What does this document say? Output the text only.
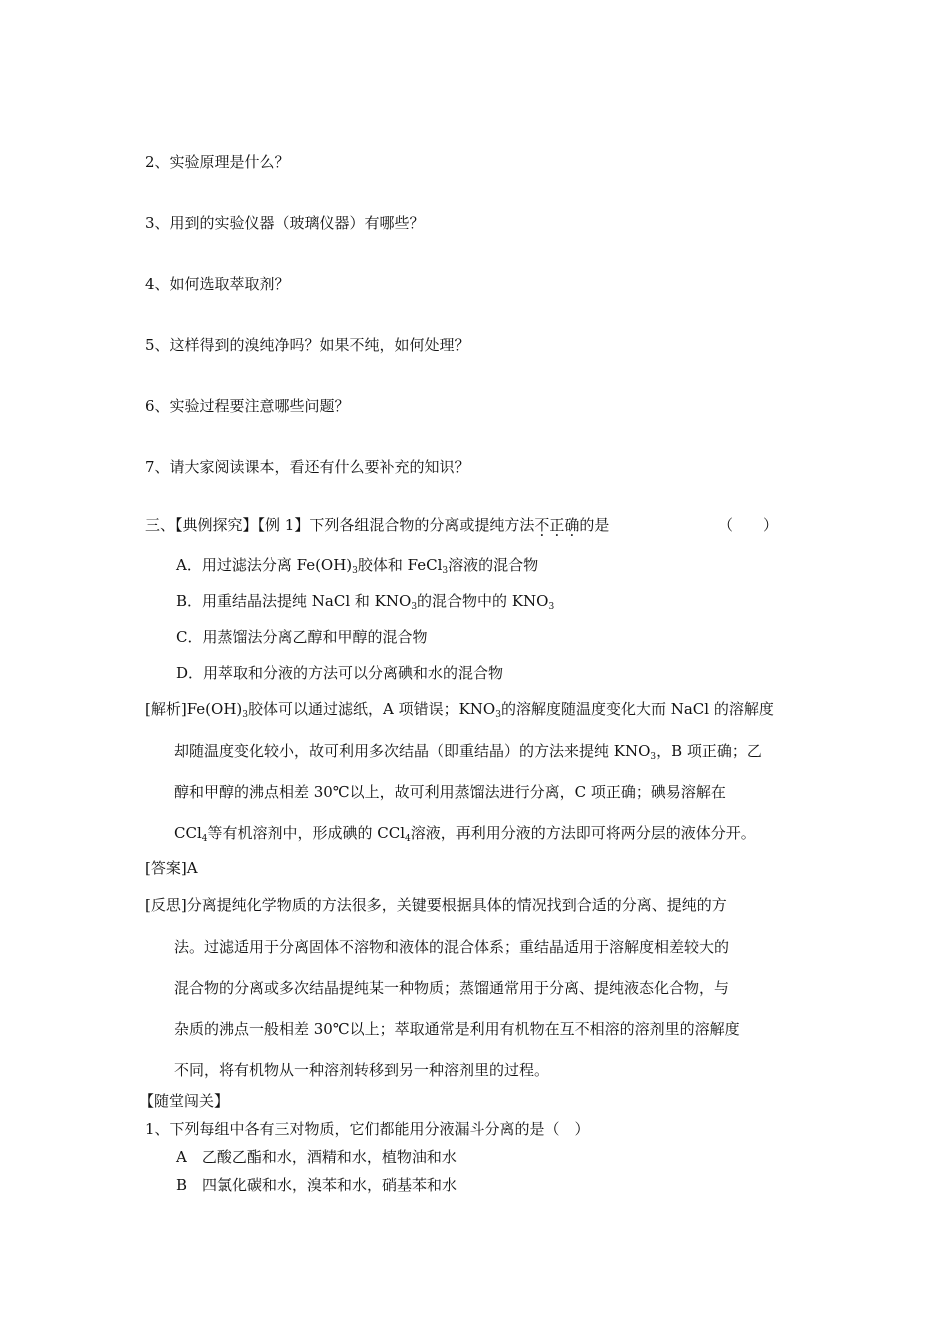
2、实验原理是什么？
3、用到的实验仪器（玻璃仪器）有哪些？
4、如何选取萃取剂？
5、这样得到的溴纯净吗？如果不纯，如何处理？
6、实验过程要注意哪些问题？
7、请大家阅读课本，看还有什么要补充的知识？
三、【典例探究】【例 1】下列各组混合物的分离或提纯方法不正确的是	（　　）
A．用过滤法分离 $Fe(OH)_3$胶体和 FeCl$_3$溶液的混合物
B．用重结晶法提纯 NaCl 和 $KNO_3$的混合物中的 $KNO_3$
C．用蒸馏法分离乙醇和甲醇的混合物
D．用萃取和分液的方法可以分离碘和水的混合物
[解析]$Fe(OH)_3$胶体可以通过滤纸，A 项错误；$KNO_3$的溶解度随温度变化大而 NaCl 的溶解度
却随温度变化较小，故可利用多次结晶（即重结晶）的方法来提纯 $KNO_3$，B 项正确；乙
醇和甲醇的沸点相差 30℃以上，故可利用蒸馏法进行分离，C 项正确；碘易溶解在
CCl$_4$等有机溶剂中，形成碘的 CCl$_4$溶液，再利用分液的方法即可将两分层的液体分开。
[答案]A
[反思]分离提纯化学物质的方法很多，关键要根据具体的情况找到合适的分离、提纯的方
法。过滤适用于分离固体不溶物和液体的混合体系；重结晶适用于溶解度相差较大的
混合物的分离或多次结晶提纯某一种物质；蒸馏通常用于分离、提纯液态化合物，与
杂质的沸点一般相差 30℃以上；萃取通常是利用有机物在互不相溶的溶剂里的溶解度
不同，将有机物从一种溶剂转移到另一种溶剂里的过程。
【随堂闯关】
1、下列每组中各有三对物质，它们都能用分液漏斗分离的是（　）
A　乙酸乙酯和水，酒精和水，植物油和水
B　四氯化碳和水，溴苯和水，硝基苯和水
